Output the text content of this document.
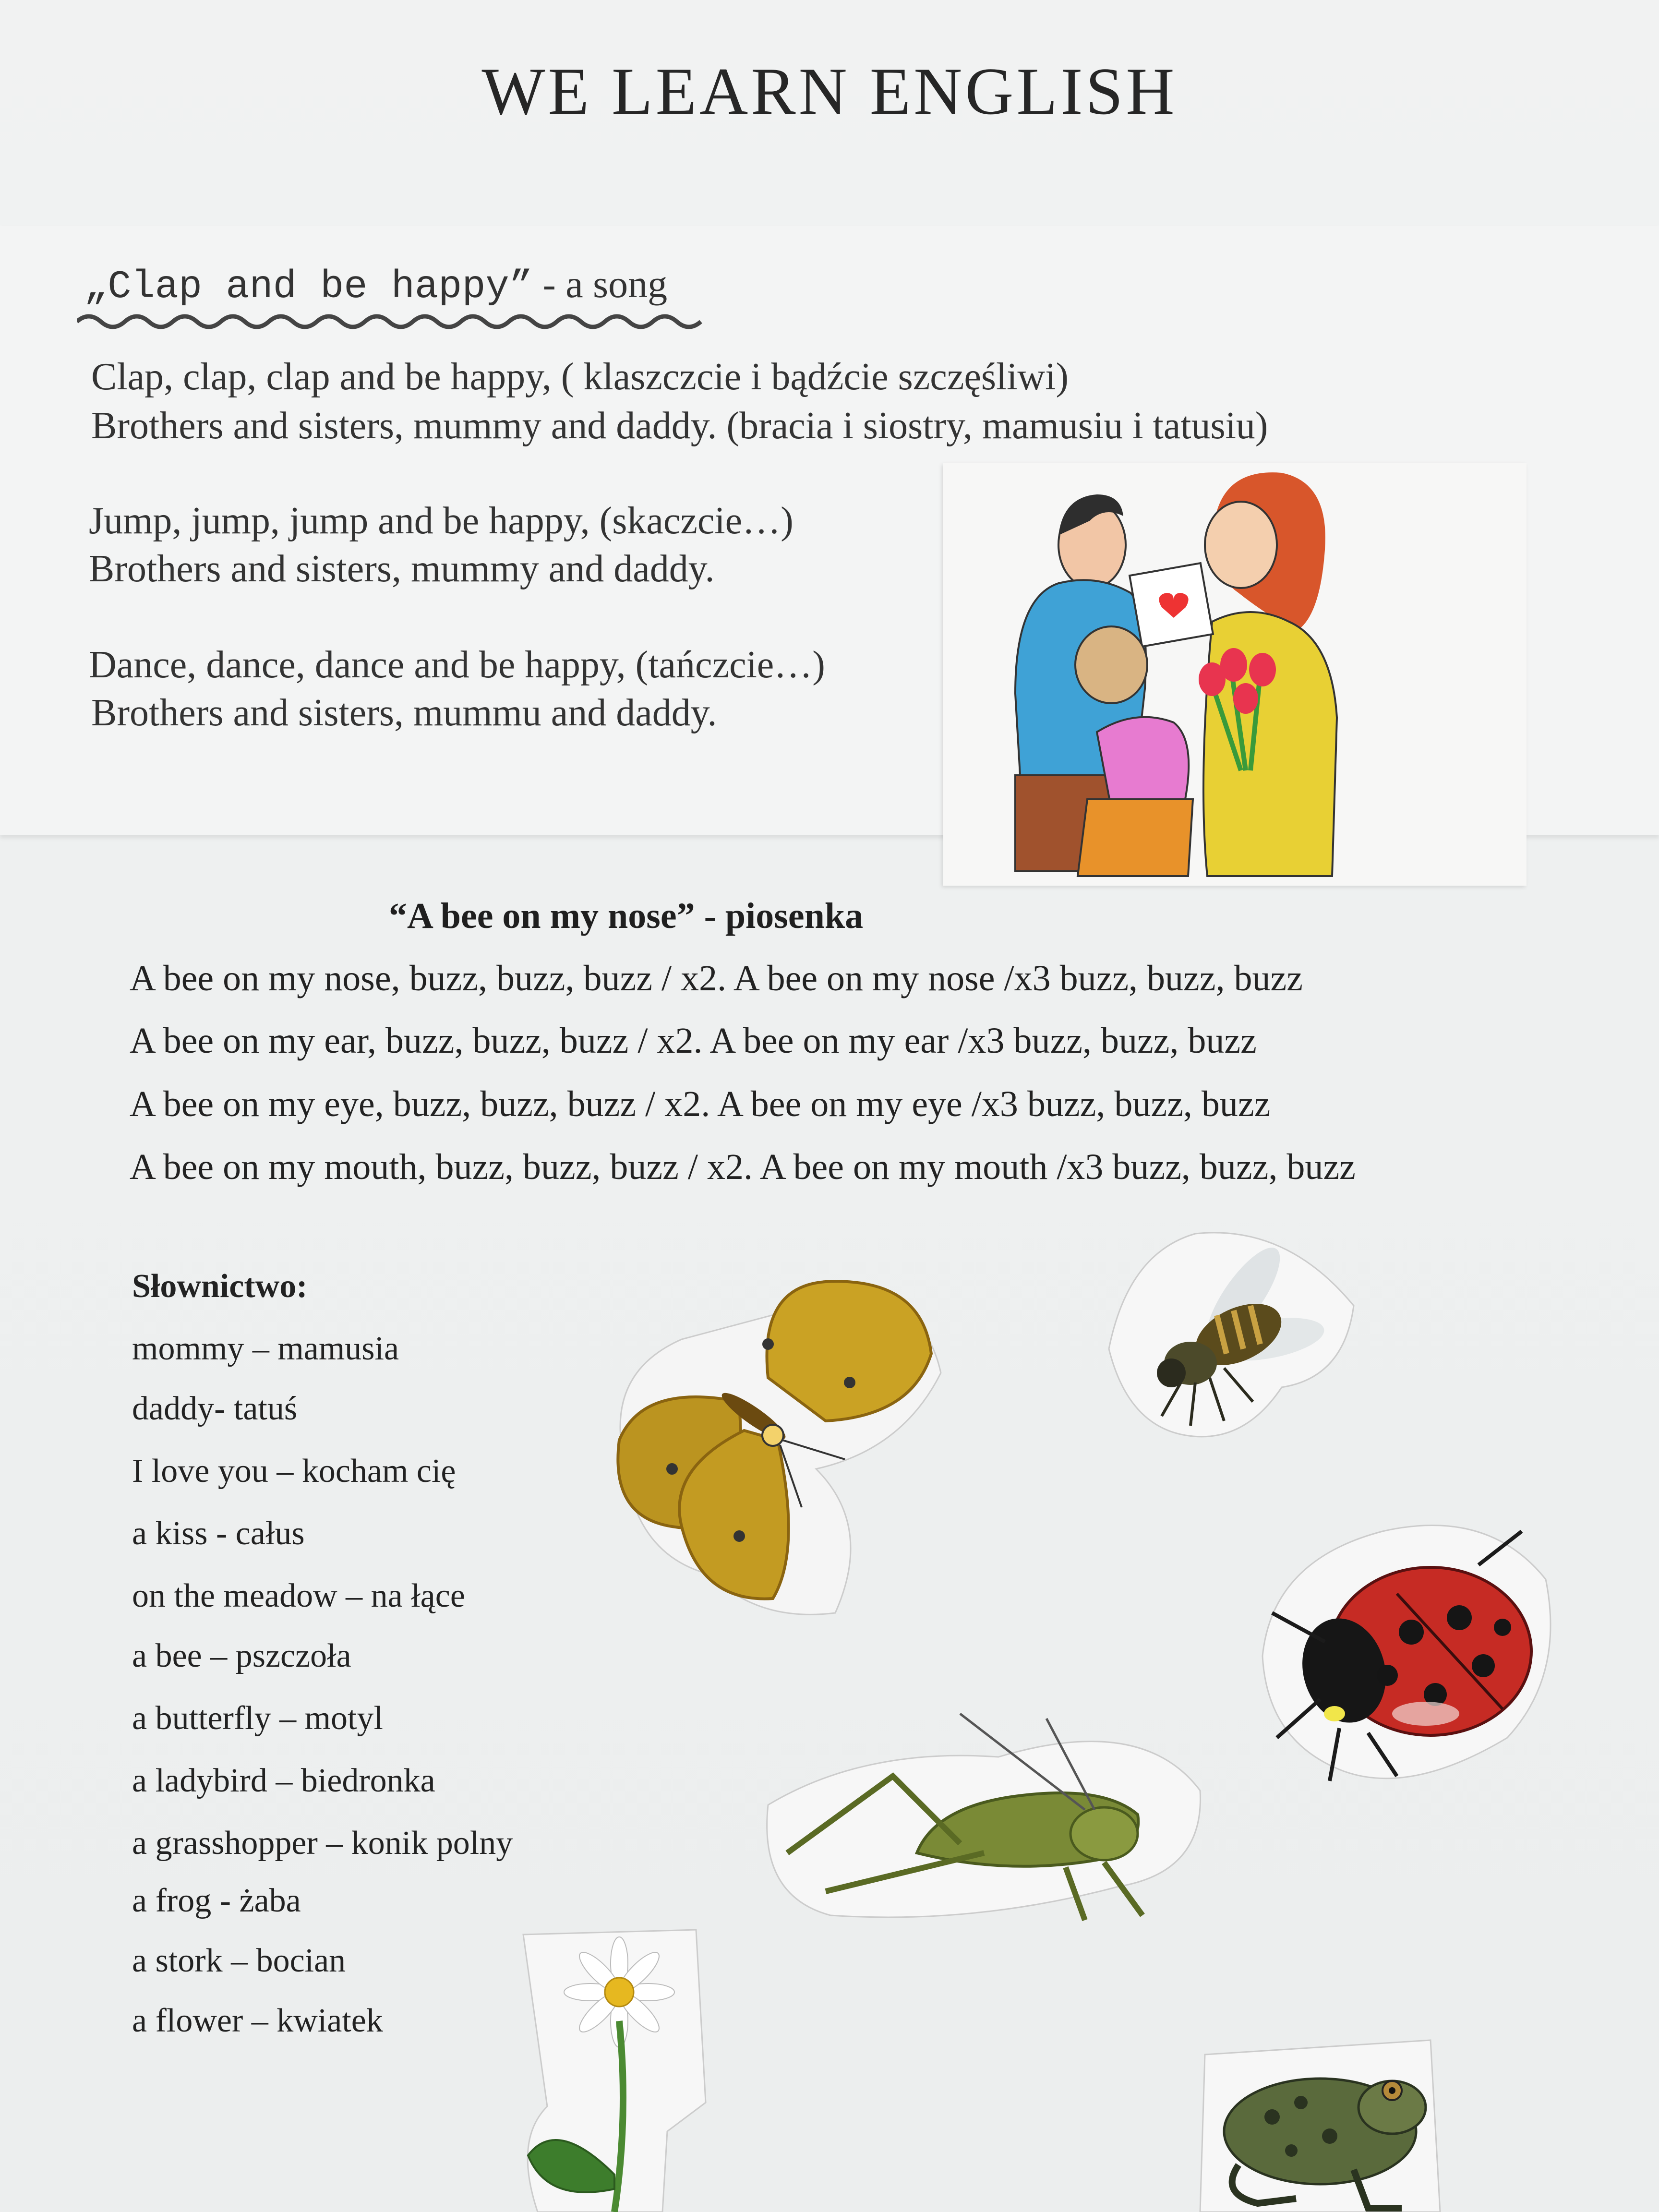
WE LEARN ENGLISH
„Clap and be happy” - a song
Clap, clap, clap and be happy, ( klaszczcie i bądźcie szczęśliwi)
Brothers and sisters, mummy and daddy. (bracia i siostry, mamusiu i tatusiu)
Jump, jump, jump and be happy, (skaczcie…)
Brothers and sisters, mummy and daddy.
Dance, dance, dance and be happy, (tańczcie…)
Brothers and sisters, mummu and daddy.
“A bee on my nose” - piosenka
A bee on my nose, buzz, buzz, buzz / x2. A bee on my nose /x3 buzz, buzz, buzz
A bee on my ear, buzz, buzz, buzz / x2. A bee on my ear /x3 buzz, buzz, buzz
A bee on my eye, buzz, buzz, buzz / x2. A bee on my eye /x3 buzz, buzz, buzz
A bee on my mouth, buzz, buzz, buzz / x2. A bee on my mouth /x3 buzz, buzz, buzz
Słownictwo:
mommy – mamusia
daddy- tatuś
I love you – kocham cię
a kiss - całus
on the meadow – na łące
a bee – pszczoła
a butterfly – motyl
a ladybird – biedronka
a grasshopper – konik polny
a frog - żaba
a stork – bocian
a flower – kwiatek
